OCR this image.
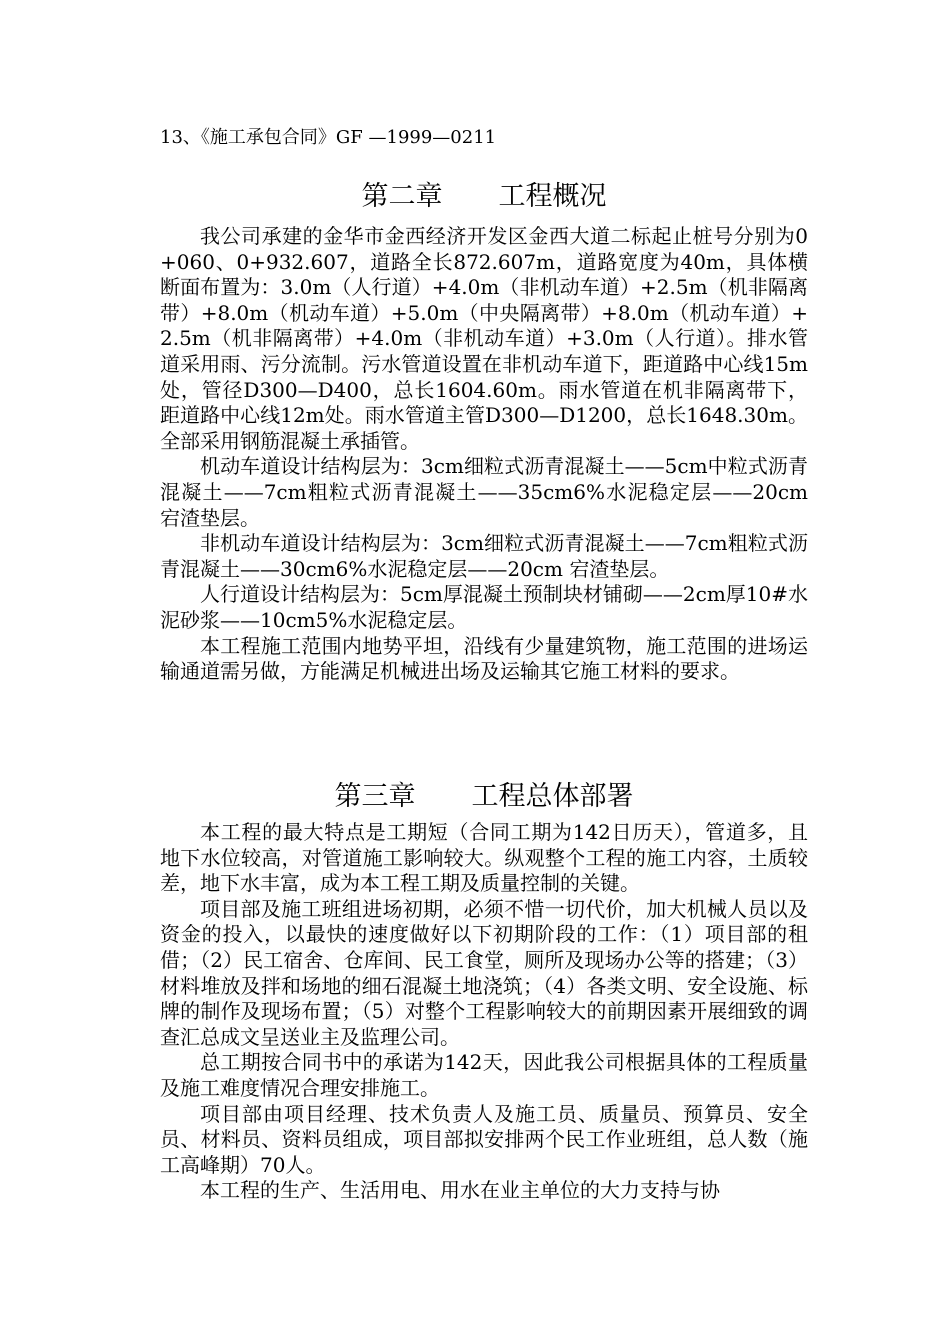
13、《施工承包合同》GF —1999—0211
第二章 工程概况

我公司承建的金华市金西经济开发区金西大道二标起止桩号分别为0+060、0+932.607，道路全长872.607m，道路宽度为40m，具体横断面布置为：3.0m（人行道）+4.0m（非机动车道）+2.5m（机非隔离带）+8.0m（机动车道）+5.0m（中央隔离带）+8.0m（机动车道）+2.5m（机非隔离带）+4.0m（非机动车道）+3.0m（人行道）。排水管道采用雨、污分流制。污水管道设置在非机动车道下，距道路中心线15m处，管径D300—D400，总长1604.60m。雨水管道在机非隔离带下，距道路中心线12m处。雨水管道主管D300—D1200，总长1648.30m。全部采用钢筋混凝土承插管。

机动车道设计结构层为：3cm细粒式沥青混凝土——5cm中粒式沥青混凝土——7cm粗粒式沥青混凝土——35cm6%水泥稳定层——20cm 宕渣垫层。

非机动车道设计结构层为：3cm细粒式沥青混凝土——7cm粗粒式沥青混凝土——30cm6%水泥稳定层——20cm 宕渣垫层。

人行道设计结构层为：5cm厚混凝土预制块材铺砌——2cm厚10#水泥砂浆——10cm5%水泥稳定层。

本工程施工范围内地势平坦，沿线有少量建筑物，施工范围的进场运输通道需另做，方能满足机械进出场及运输其它施工材料的要求。

第三章 工程总体部署

本工程的最大特点是工期短（合同工期为142日历天），管道多，且地下水位较高，对管道施工影响较大。纵观整个工程的施工内容，土质较差，地下水丰富，成为本工程工期及质量控制的关键。

项目部及施工班组进场初期，必须不惜一切代价，加大机械人员以及资金的投入，以最快的速度做好以下初期阶段的工作：（1）项目部的租借；（2）民工宿舍、仓库间、民工食堂，厕所及现场办公等的搭建；（3）材料堆放及拌和场地的细石混凝土地浇筑；（4）各类文明、安全设施、标牌的制作及现场布置；（5）对整个工程影响较大的前期因素开展细致的调查汇总成文呈送业主及监理公司。

总工期按合同书中的承诺为142天，因此我公司根据具体的工程质量及施工难度情况合理安排施工。

项目部由项目经理、技术负责人及施工员、质量员、预算员、安全员、材料员、资料员组成，项目部拟安排两个民工作业班组，总人数（施工高峰期）70人。

本工程的生产、生活用电、用水在业主单位的大力支持与协
